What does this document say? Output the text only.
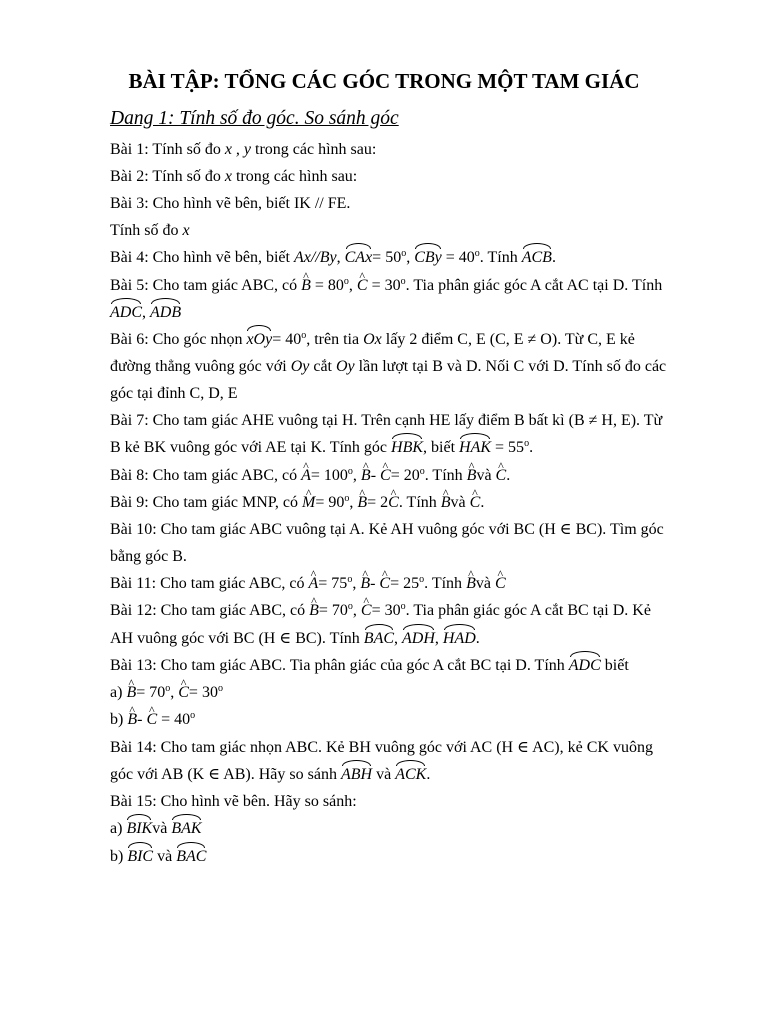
BÀI TẬP: TỔNG CÁC GÓC TRONG MỘT TAM GIÁC
Dang 1: Tính số đo góc. So sánh góc
Bài 1: Tính số đo x , y trong các hình sau:
Bài 2: Tính số đo x trong các hình sau:
Bài 3: Cho hình vẽ bên, biết IK // FE.
Tính số đo x
Bài 4: Cho hình vẽ bên, biết Ax//By, $CAx= 50^o$, CBy = $40^o$. Tính ACB.
Bài 5: Cho tam giác ABC, có ^ $B = 80^o$, ^ $C = 30^o$. Tia phân giác góc A cắt AC tại D. Tính
ADC, ADB
Bài 6: Cho góc nhọn $xOy= 40^o$, trên tia Ox lấy 2 điểm C, E (C, E ≠ O). Từ C, E kẻ
đường thẳng vuông góc với Oy cắt Oy lần lượt tại B và D. Nối C với D. Tính số đo các
góc tại đỉnh C, D, E
Bài 7: Cho tam giác AHE vuông tại H. Trên cạnh HE lấy điểm B bất kì (B ≠ H, E). Từ
B kẻ BK vuông góc với AE tại K. Tính góc HBK, biết HAK = $55^o$.
Bài 8: Cho tam giác ABC, có ^ $A= 100^o$, ^ B- ^ $C= 20^o$. Tính ^ Bvà ^ C.
Bài 9: Cho tam giác MNP, có ^ $M= 90^o$, ^ B= 2^ C. Tính ^ Bvà ^ C.
Bài 10: Cho tam giác ABC vuông tại A. Kẻ AH vuông góc với BC (H ∈ BC). Tìm góc
bằng góc B.
Bài 11: Cho tam giác ABC, có ^ $A= 75^o$, ^ B- ^ $C= 25^o$. Tính ^ Bvà ^ C
Bài 12: Cho tam giác ABC, có ^ $B= 70^o$, ^ $C= 30^o$. Tia phân giác góc A cắt BC tại D. Kẻ
AH vuông góc với BC (H ∈ BC). Tính BAC, ADH, HAD.
Bài 13: Cho tam giác ABC. Tia phân giác của góc A cắt BC tại D. Tính ADC biết
a) ^ $B= 70^o$, ^ $C= 30^o$
b) ^ B- ^ $C = 40^o$
Bài 14: Cho tam giác nhọn ABC. Kẻ BH vuông góc với AC (H ∈ AC), kẻ CK vuông
góc với AB (K ∈ AB). Hãy so sánh ABH và ACK.
Bài 15: Cho hình vẽ bên. Hãy so sánh:
a) BIKvà BAK
b) BIC và BAC
